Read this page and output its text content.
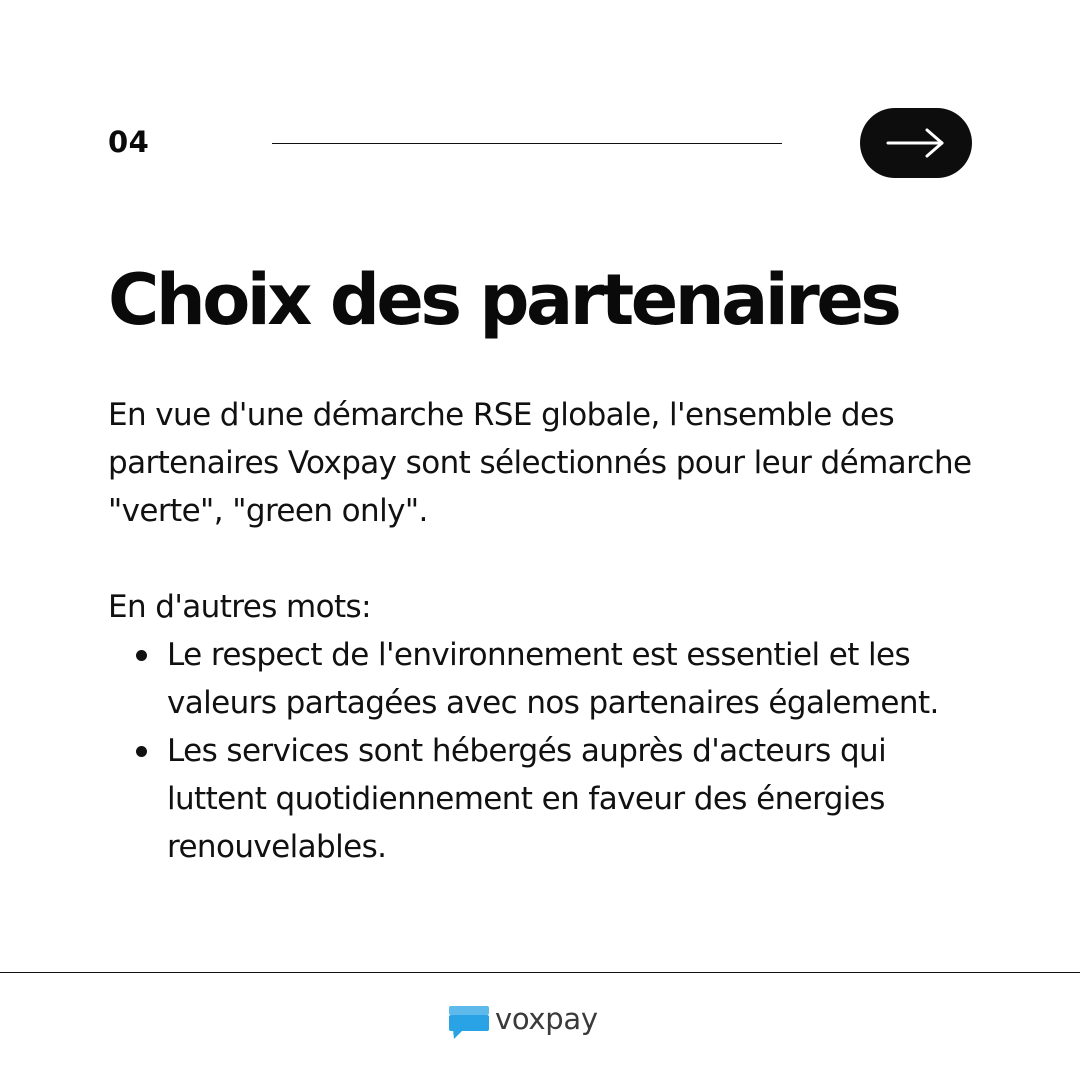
04
Choix des partenaires

En vue d'une démarche RSE globale, l'ensemble des partenaires Voxpay sont sélectionnés pour leur démarche "verte", "green only".

En d'autres mots:

Le respect de l'environnement est essentiel et les valeurs partagées avec nos partenaires également.
Les services sont hébergés auprès d'acteurs qui luttent quotidiennement en faveur des énergies renouvelables.
voxpay
